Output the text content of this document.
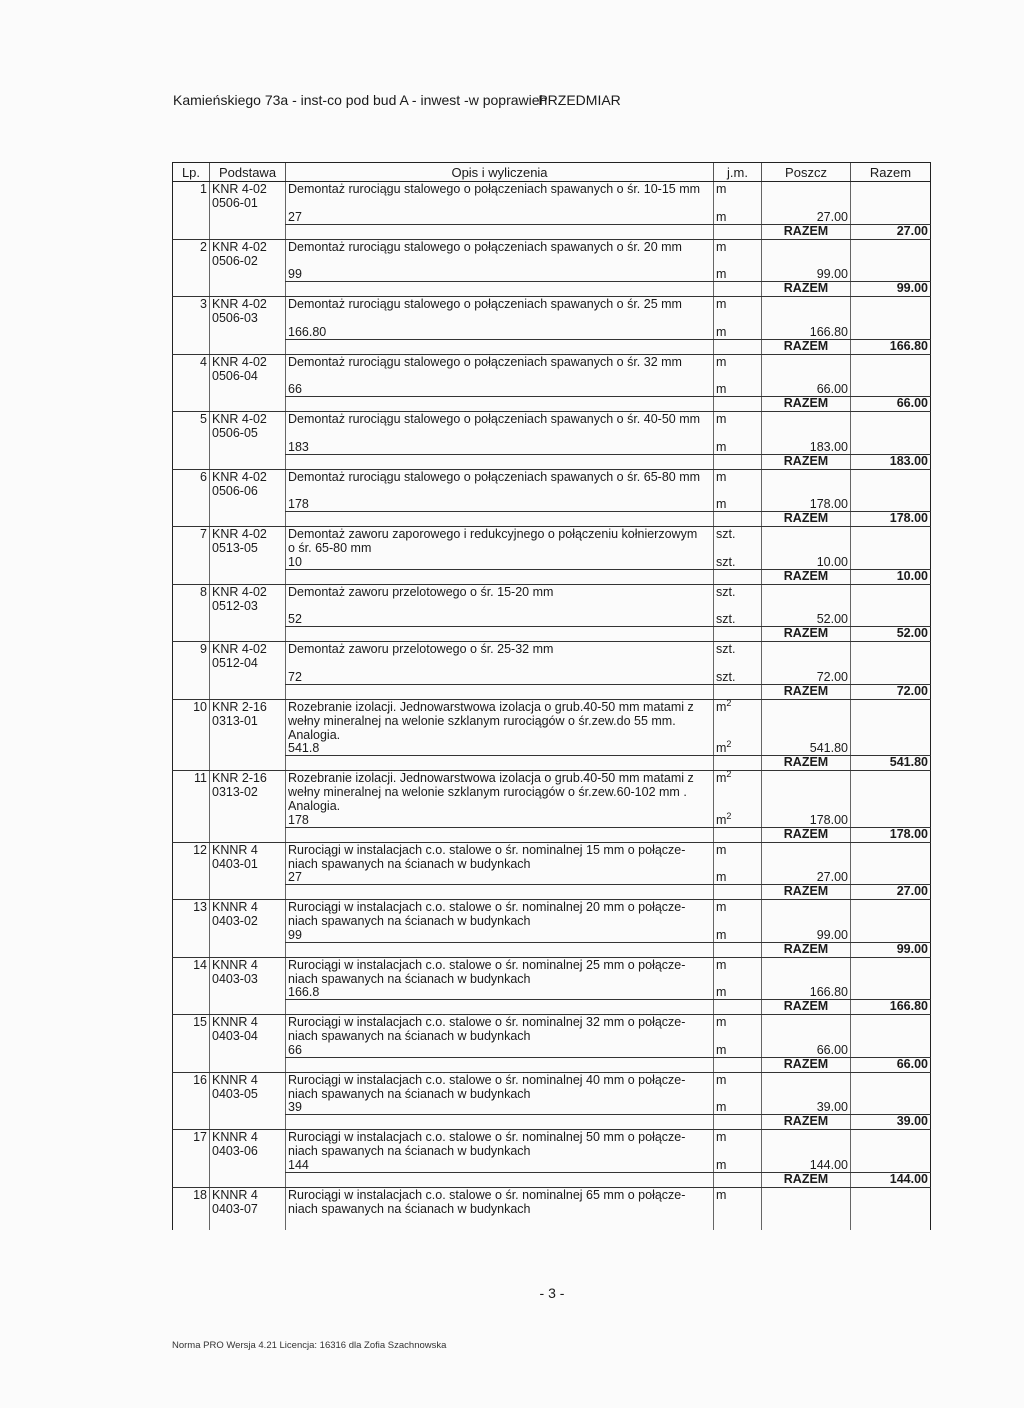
Kamieńskiego 73a - inst-co pod bud A - inwest -w poprawiehPRZEDMIAR
Lp.	Podstawa	Opis i wyliczenia	j.m.	Poszcz	Razem
1	KNR 4-02	Demontaż rurociągu stalowego o połączeniach spawanych o śr. 10-15 mm	m		
	0506-01				
		27	m	27.00	
				RAZEM	27.00
2	KNR 4-02	Demontaż rurociągu stalowego o połączeniach spawanych o śr. 20 mm	m		
	0506-02				
		99	m	99.00	
				RAZEM	99.00
3	KNR 4-02	Demontaż rurociągu stalowego o połączeniach spawanych o śr. 25 mm	m		
	0506-03				
		166.80	m	166.80	
				RAZEM	166.80
4	KNR 4-02	Demontaż rurociągu stalowego o połączeniach spawanych o śr. 32 mm	m		
	0506-04				
		66	m	66.00	
				RAZEM	66.00
5	KNR 4-02	Demontaż rurociągu stalowego o połączeniach spawanych o śr. 40-50 mm	m		
	0506-05				
		183	m	183.00	
				RAZEM	183.00
6	KNR 4-02	Demontaż rurociągu stalowego o połączeniach spawanych o śr. 65-80 mm	m		
	0506-06				
		178	m	178.00	
				RAZEM	178.00
7	KNR 4-02	Demontaż zaworu zaporowego i redukcyjnego o połączeniu kołnierzowym	szt.		
	0513-05	o śr. 65-80 mm			
		10	szt.	10.00	
				RAZEM	10.00
8	KNR 4-02	Demontaż zaworu przelotowego o śr. 15-20 mm	szt.		
	0512-03				
		52	szt.	52.00	
				RAZEM	52.00
9	KNR 4-02	Demontaż zaworu przelotowego o śr. 25-32 mm	szt.		
	0512-04				
		72	szt.	72.00	
				RAZEM	72.00
10	KNR 2-16	Rozebranie izolacji. Jednowarstwowa izolacja o grub.40-50 mm matami z	$m^2$		
	0313-01	wełny mineralnej na welonie szklanym rurociągów o śr.zew.do 55 mm.			
		Analogia.			
		541.8	$m^2$	541.80	
				RAZEM	541.80
11	KNR 2-16	Rozebranie izolacji. Jednowarstwowa izolacja o grub.40-50 mm matami z	$m^2$		
	0313-02	wełny mineralnej na welonie szklanym rurociągów o śr.zew.60-102 mm .			
		Analogia.			
		178	$m^2$	178.00	
				RAZEM	178.00
12	KNNR 4	Rurociągi w instalacjach c.o. stalowe o śr. nominalnej 15 mm o połącze-	m		
	0403-01	niach spawanych na ścianach w budynkach			
		27	m	27.00	
				RAZEM	27.00
13	KNNR 4	Rurociągi w instalacjach c.o. stalowe o śr. nominalnej 20 mm o połącze-	m		
	0403-02	niach spawanych na ścianach w budynkach			
		99	m	99.00	
				RAZEM	99.00
14	KNNR 4	Rurociągi w instalacjach c.o. stalowe o śr. nominalnej 25 mm o połącze-	m		
	0403-03	niach spawanych na ścianach w budynkach			
		166.8	m	166.80	
				RAZEM	166.80
15	KNNR 4	Rurociągi w instalacjach c.o. stalowe o śr. nominalnej 32 mm o połącze-	m		
	0403-04	niach spawanych na ścianach w budynkach			
		66	m	66.00	
				RAZEM	66.00
16	KNNR 4	Rurociągi w instalacjach c.o. stalowe o śr. nominalnej 40 mm o połącze-	m		
	0403-05	niach spawanych na ścianach w budynkach			
		39	m	39.00	
				RAZEM	39.00
17	KNNR 4	Rurociągi w instalacjach c.o. stalowe o śr. nominalnej 50 mm o połącze-	m		
	0403-06	niach spawanych na ścianach w budynkach			
		144	m	144.00	
				RAZEM	144.00
18	KNNR 4	Rurociągi w instalacjach c.o. stalowe o śr. nominalnej 65 mm o połącze-	m		
	0403-07	niach spawanych na ścianach w budynkach			

- 3 -
Norma PRO Wersja 4.21 Licencja: 16316 dla Zofia Szachnowska
